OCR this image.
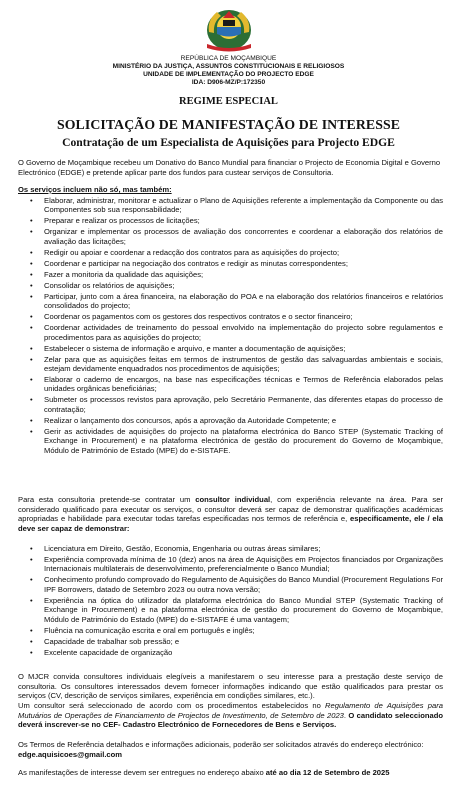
REPÚBLICA DE MOÇAMBIQUE
MINISTÉRIO DA JUSTIÇA, ASSUNTOS CONSTITUCIONAIS E RELIGIOSOS
UNIDADE DE IMPLEMENTAÇÃO DO PROJECTO EDGE
IDA: D906-MZ/P:172350
REGIME ESPECIAL
SOLICITAÇÃO DE MANIFESTAÇÃO DE INTERESSE
Contratação de um Especialista de Aquisições para Projecto EDGE
O Governo de Moçambique recebeu um Donativo do Banco Mundial para financiar o Projecto de Economia Digital e Governo Electrónico (EDGE) e pretende aplicar parte dos fundos para custear serviços de Consultoria.
Os serviços incluem não só, mas também:
• Elaborar, administrar, monitorar e actualizar o Plano de Aquisições referente a implementação da Componente ou das Componentes sob sua responsabilidade;
• Preparar e realizar os processos de licitações;
• Organizar e implementar os processos de avaliação dos concorrentes e coordenar a elaboração dos relatórios de avaliação das licitações;
• Redigir ou apoiar e coordenar a redacção dos contratos para as aquisições do projecto;
• Coordenar e participar na negociação dos contratos e redigir as minutas correspondentes;
• Fazer a monitoria da qualidade das aquisições;
• Consolidar os relatórios de aquisições;
• Participar, junto com a área financeira, na elaboração do POA e na elaboração dos relatórios financeiros e relatórios consolidados do projecto;
• Coordenar os pagamentos com os gestores dos respectivos contratos e o sector financeiro;
• Coordenar actividades de treinamento do pessoal envolvido na implementação do projecto sobre regulamentos e procedimentos para as aquisições do projecto;
• Estabelecer o sistema de informação e arquivo, e manter a documentação de aquisições;
• Zelar para que as aquisições feitas em termos de instrumentos de gestão das salvaguardas ambientais e sociais, estejam devidamente enquadrados nos procedimentos de aquisições;
• Elaborar o caderno de encargos, na base nas especificações técnicas e Termos de Referência elaborados pelas unidades orgânicas beneficiárias;
• Submeter os processos revistos para aprovação, pelo Secretário Permanente, das diferentes etapas do processo de contratação;
• Realizar o lançamento dos concursos, após a aprovação da Autoridade Competente; e
• Gerir as actividades de aquisições do projecto na plataforma electrónica do Banco STEP (Systematic Tracking of Exchange in Procurement) e na plataforma electrónica de gestão do procurement do Governo de Moçambique, Módulo de Património de Estado (MPE) do e-SISTAFE.
Para esta consultoria pretende-se contratar um consultor individual, com experiência relevante na área. Para ser considerado qualificado para executar os serviços, o consultor deverá ser capaz de demonstrar qualificações académicas apropriadas e habilidade para executar todas tarefas especificadas nos termos de referência e, especificamente, ele / ela deve ser capaz de demonstrar:
• Licenciatura em Direito, Gestão, Economia, Engenharia ou outras áreas similares;
• Experiência comprovada mínima de 10 (dez) anos na área de Aquisições em Projectos financiados por Organizações Internacionais multilaterais de desenvolvimento, preferencialmente o Banco Mundial;
• Conhecimento profundo comprovado do Regulamento de Aquisições do Banco Mundial (Procurement Regulations For IPF Borrowers, datado de Setembro 2023 ou outra nova versão;
• Experiência na óptica do utilizador da plataforma electrónica do Banco Mundial STEP (Systematic Tracking of Exchange in Procurement) e na plataforma electrónica de gestão do procurement do Governo de Moçambique, Módulo de Património do Estado (MPE) do e-SISTAFE é uma vantagem;
• Fluência na comunicação escrita e oral em português e inglês;
• Capacidade de trabalhar sob pressão; e
• Excelente capacidade de organização
O MJCR convida consultores individuais elegíveis a manifestarem o seu interesse para a prestação deste serviço de consultoria. Os consultores interessados devem fornecer informações indicando que estão qualificados para prestar os serviços (CV, descrição de serviços similares, experiência em condições similares, etc.).
Um consultor será seleccionado de acordo com os procedimentos estabelecidos no Regulamento de Aquisições para Mutuários de Operações de Financiamento de Projectos de Investimento, de Setembro de 2023. O candidato seleccionado deverá inscrever-se no CEF- Cadastro Electrónico de Fornecedores de Bens e Serviços.
Os Termos de Referência detalhados e informações adicionais, poderão ser solicitados através do endereço electrónico: edge.aquisicoes@gmail.com
As manifestações de interesse devem ser entregues no endereço abaixo até ao dia 12 de Setembro de 2025
